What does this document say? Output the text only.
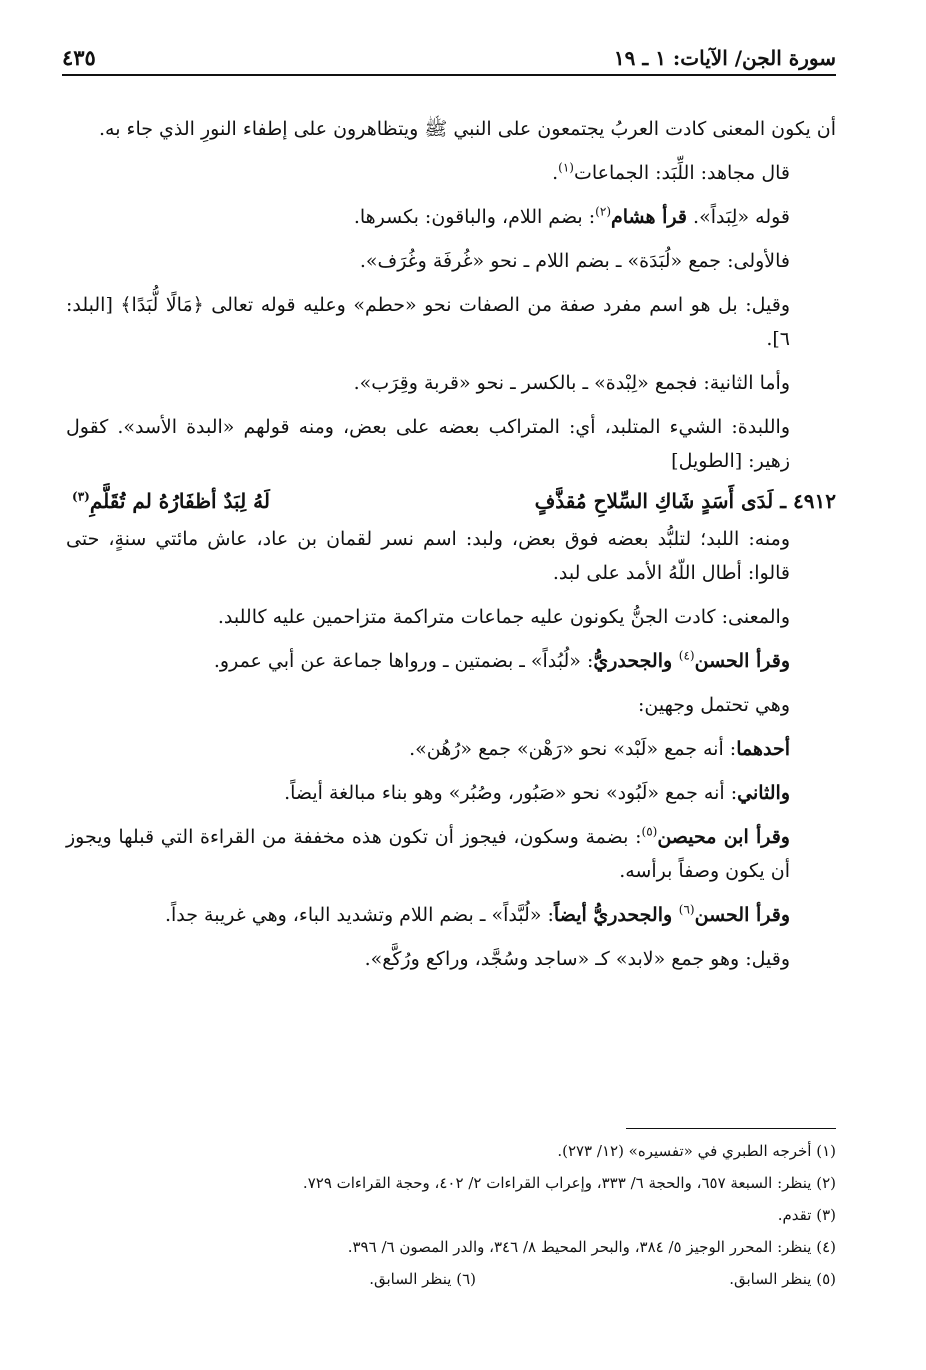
سورة الجن/ الآيات: ١ ـ ١٩
٤٣٥

أن يكون المعنى كادت العربُ يجتمعون على النبي ﷺ ويتظاهرون على إطفاء النورِ الذي جاء به.

قال مجاهد: اللِّبَد: الجماعات$^{(١)}$.

قوله «لِبَداً». قرأ هشام$^{(٢)}$: بضم اللام، والباقون: بكسرها.

فالأولى: جمع «لُبَدَة» ـ بضم اللام ـ نحو «غُرفَة وغُرَف».

وقيل: بل هو اسم مفرد صفة من الصفات نحو «حطم» وعليه قوله تعالى ﴿مَالًا لُّبَدًا﴾ [البلد: ٦].

وأما الثانية: فجمع «لِبْدة» ـ بالكسر ـ نحو «قربة وقِرَب».

واللبدة: الشيء المتلبد، أي: المتراكب بعضه على بعض، ومنه قولهم «البدة الأسد». كقول زهير: [الطويل]

٤٩١٢ ـ لَدَى أَسَدٍ شَاكِ السِّلاحِ مُقذَّفٍ
لَهُ لِبَدٌ أظفَارُهُ لم تُقَلَّمِ$^{(٣)}$

ومنه: اللبد؛ لتلبُّد بعضه فوق بعض، ولبد: اسم نسر لقمان بن عاد، عاش مائتي سنةٍ، حتى قالوا: أطال اللّهُ الأمد على لبد.

والمعنى: كادت الجنُّ يكونون عليه جماعات متراكمة متزاحمين عليه كاللبد.

وقرأ الحسن$^{(٤)}$ والجحدريُّ: «لُبُداً» ـ بضمتين ـ ورواها جماعة عن أبي عمرو.

وهي تحتمل وجهين:

أحدهما: أنه جمع «لَبْد» نحو «رَهْن» جمع «رُهُن».

والثاني: أنه جمع «لَبُود» نحو «صَبُور، وصُبُر» وهو بناء مبالغة أيضاً.

وقرأ ابن محيصن$^{(٥)}$: بضمة وسكون، فيجوز أن تكون هذه مخففة من القراءة التي قبلها ويجوز أن يكون وصفاً برأسه.

وقرأ الحسن$^{(٦)}$ والجحدريُّ أيضاً: «لُبَّداً» ـ بضم اللام وتشديد الباء، وهي غريبة جداً.

وقيل: وهو جمع «لابد» كـ «ساجد وسُجَّد، وراكع ورُكَّع».

(١) أخرجه الطبري في «تفسيره» (١٢/ ٢٧٣).

(٢) ينظر: السبعة ٦٥٧، والحجة ٦/ ٣٣٣، وإعراب القراءات ٢/ ٤٠٢، وحجة القراءات ٧٢٩.

(٣) تقدم.

(٤) ينظر: المحرر الوجيز ٥/ ٣٨٤، والبحر المحيط ٨/ ٣٤٦، والدر المصون ٦/ ٣٩٦.

(٥) ينظر السابق.
(٦) ينظر السابق.
